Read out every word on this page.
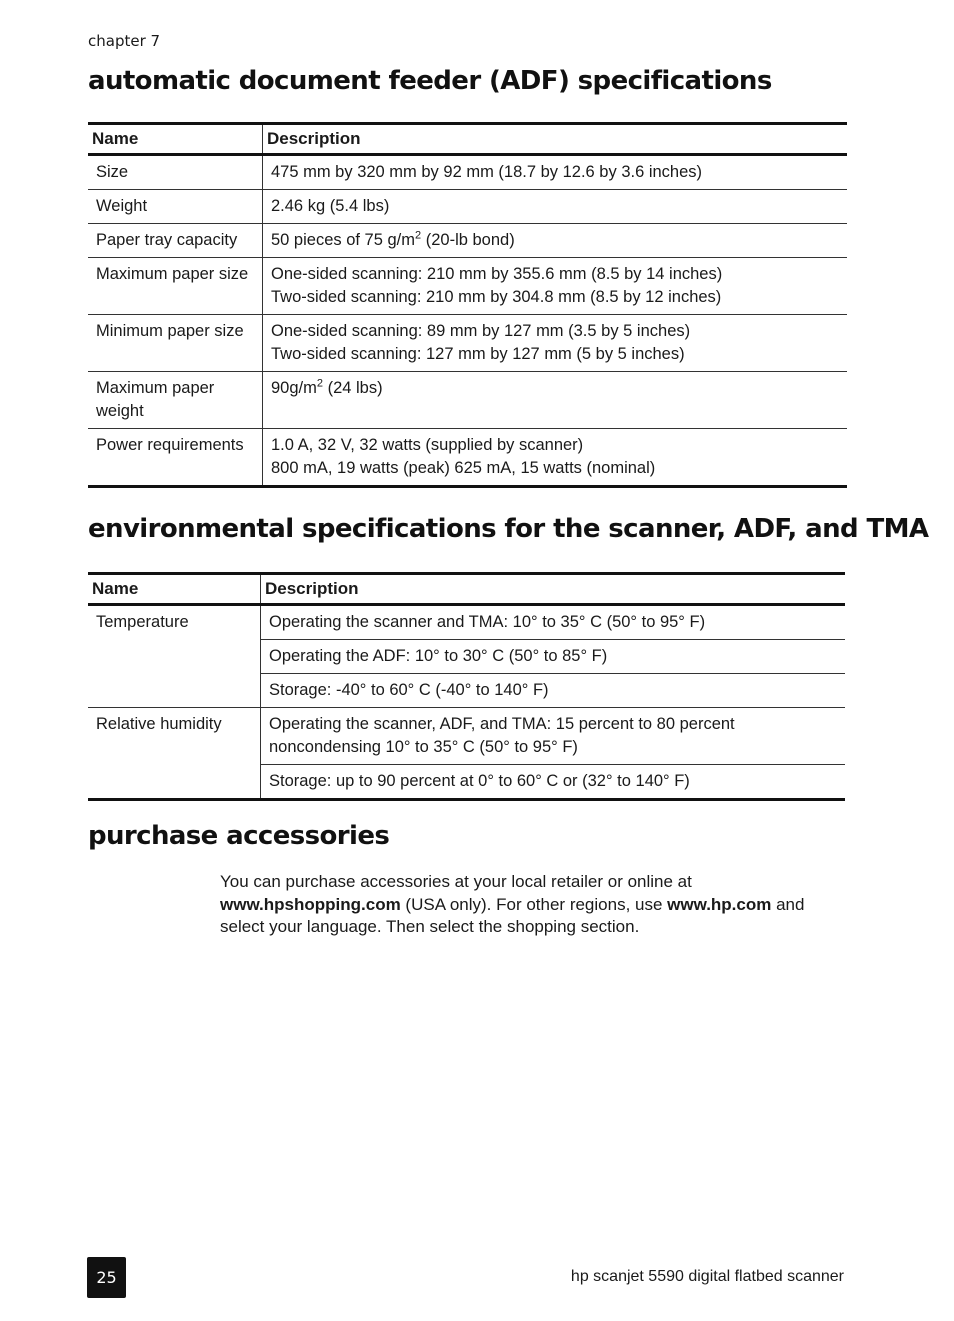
chapter 7
automatic document feeder (ADF) specifications
Name	Description
Size	475 mm by 320 mm by 92 mm (18.7 by 12.6 by 3.6 inches)

Weight	2.46 kg (5.4 lbs)

Paper tray capacity	50 pieces of 75 $g/m^2$ (20-lb bond)
Maximum paper size	One-sided scanning: 210 mm by 355.6 mm (8.5 by 14 inches)
Two-sided scanning: 210 mm by 304.8 mm (8.5 by 12 inches)

Minimum paper size	One-sided scanning: 89 mm by 127 mm (3.5 by 5 inches)
Two-sided scanning: 127 mm by 127 mm (5 by 5 inches)

Maximum paper weight	$90g/m^2$ (24 lbs)
Power requirements	1.0 A, 32 V, 32 watts (supplied by scanner)
800 mA, 19 watts (peak) 625 mA, 15 watts (nominal)
environmental specifications for the scanner, ADF, and TMA
Name	Description
Temperature	Operating the scanner and TMA: 10° to 35° C (50° to 95° F)
	Operating the ADF: 10° to 30° C (50° to 85° F)
	Storage: -40° to 60° C (-40° to 140° F)
Relative humidity	Operating the scanner, ADF, and TMA: 15 percent to 80 percent noncondensing 10° to 35° C (50° to 95° F)
	Storage: up to 90 percent at 0° to 60° C or (32° to 140° F)
purchase accessories
You can purchase accessories at your local retailer or online at www.hpshopping.com (USA only). For other regions, use www.hp.com and select your language. Then select the shopping section.
25	hp scanjet 5590 digital flatbed scanner
